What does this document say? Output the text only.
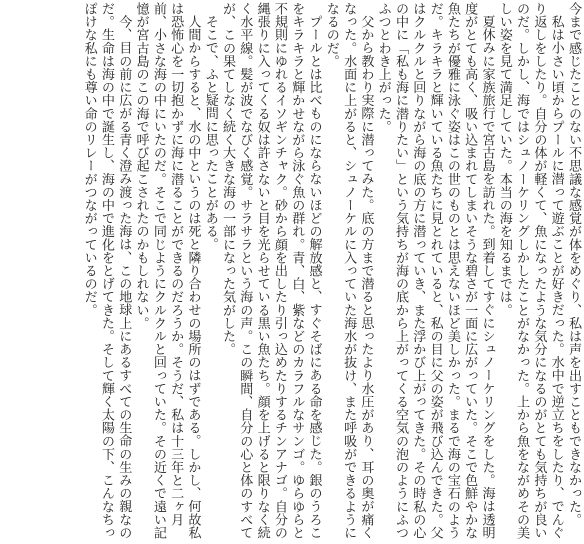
今まで感じたことのない不思議な感覚が体をめぐり、私は声を出すこともできなかった。

私は小さい頃からプールに潜って遊ぶことが好きだった。水中で逆立ちをしたり、でんぐり返しをしたり。自分の体が軽くて、魚になったような気分になるのがとても気持ちが良いのだ。しかし、海ではシュノーケリングしかしたことがなかった。上から魚をながめその美しい姿を見て満足していた。本当の海を知るまでは。

夏休みに家族旅行で宮古島を訪れた。到着してすぐにシュノーケリングをした。海は透明度がとても高く、吸い込まれてしまいそうな碧さが一面に広がっていた。そこで色鮮やかな魚たちが優雅に泳ぐ姿はこの世のものとは思えないほど美しかった。まるで海の宝石のようだ。キラキラと輝いている魚たちに見とれていると、私の目に父の姿が飛び込んできた。父はクルクルと回りながら海の底の方に潜っていき、また浮かび上がってきた。その時私の心の中に「私も海に潜りたい」という気持ちが海の底から上がってくる空気の泡のようにふつふつとわき上がった。

父から教わり実際に潜ってみた。底の方まで潜ると思ったより水圧があり、耳の奥が痛くなった。水面に上がると、シュノーケルに入っていた海水が抜け、また呼吸ができるようになるのだ。

プールとは比べものにならないほどの解放感と、すぐそばにある命を感じた。銀のうろこをキラキラと輝かせながら泳ぐ魚の群れ。青、白、紫などのカラフルなサンゴ。ゆらゆらと不規則にゆれるイソギンチャク。砂から顔を出したり引っ込めたりするチンアナゴ。自分の縄張りに入ってくる奴は許さないと目を光らせている黒い魚たち。顔を上げると限りなく続く水平線。髪が波でなびく感覚。サラサラという海の声。この瞬間、自分の心と体のすべてが、この果てしなく続く大きな海の一部になった気がした。

そこで、ふと疑問に思ったことがある。

人間からすると、水の中というのは死と隣り合わせの場所のはずである。しかし、何故私は恐怖心を一切抱かずに海に潜ることができるのだろうか。そうだ、私は十三年と二ヶ月前、小さな海の中にいたのだ。そこで同じようにクルクルと回っていた。その近くで遠い記憶が宮古島のこの海で呼び起こされたのかもしれない。

今、目の前に広がる青く澄み渡った海は、この地球上にあるすべての生命の生みの親なのだ。生命は海の中で誕生し、海の中で進化をとげてきた。そして輝く太陽の下、こんなちっぽけな私にも尊い命のリレーがつながっているのだ。
